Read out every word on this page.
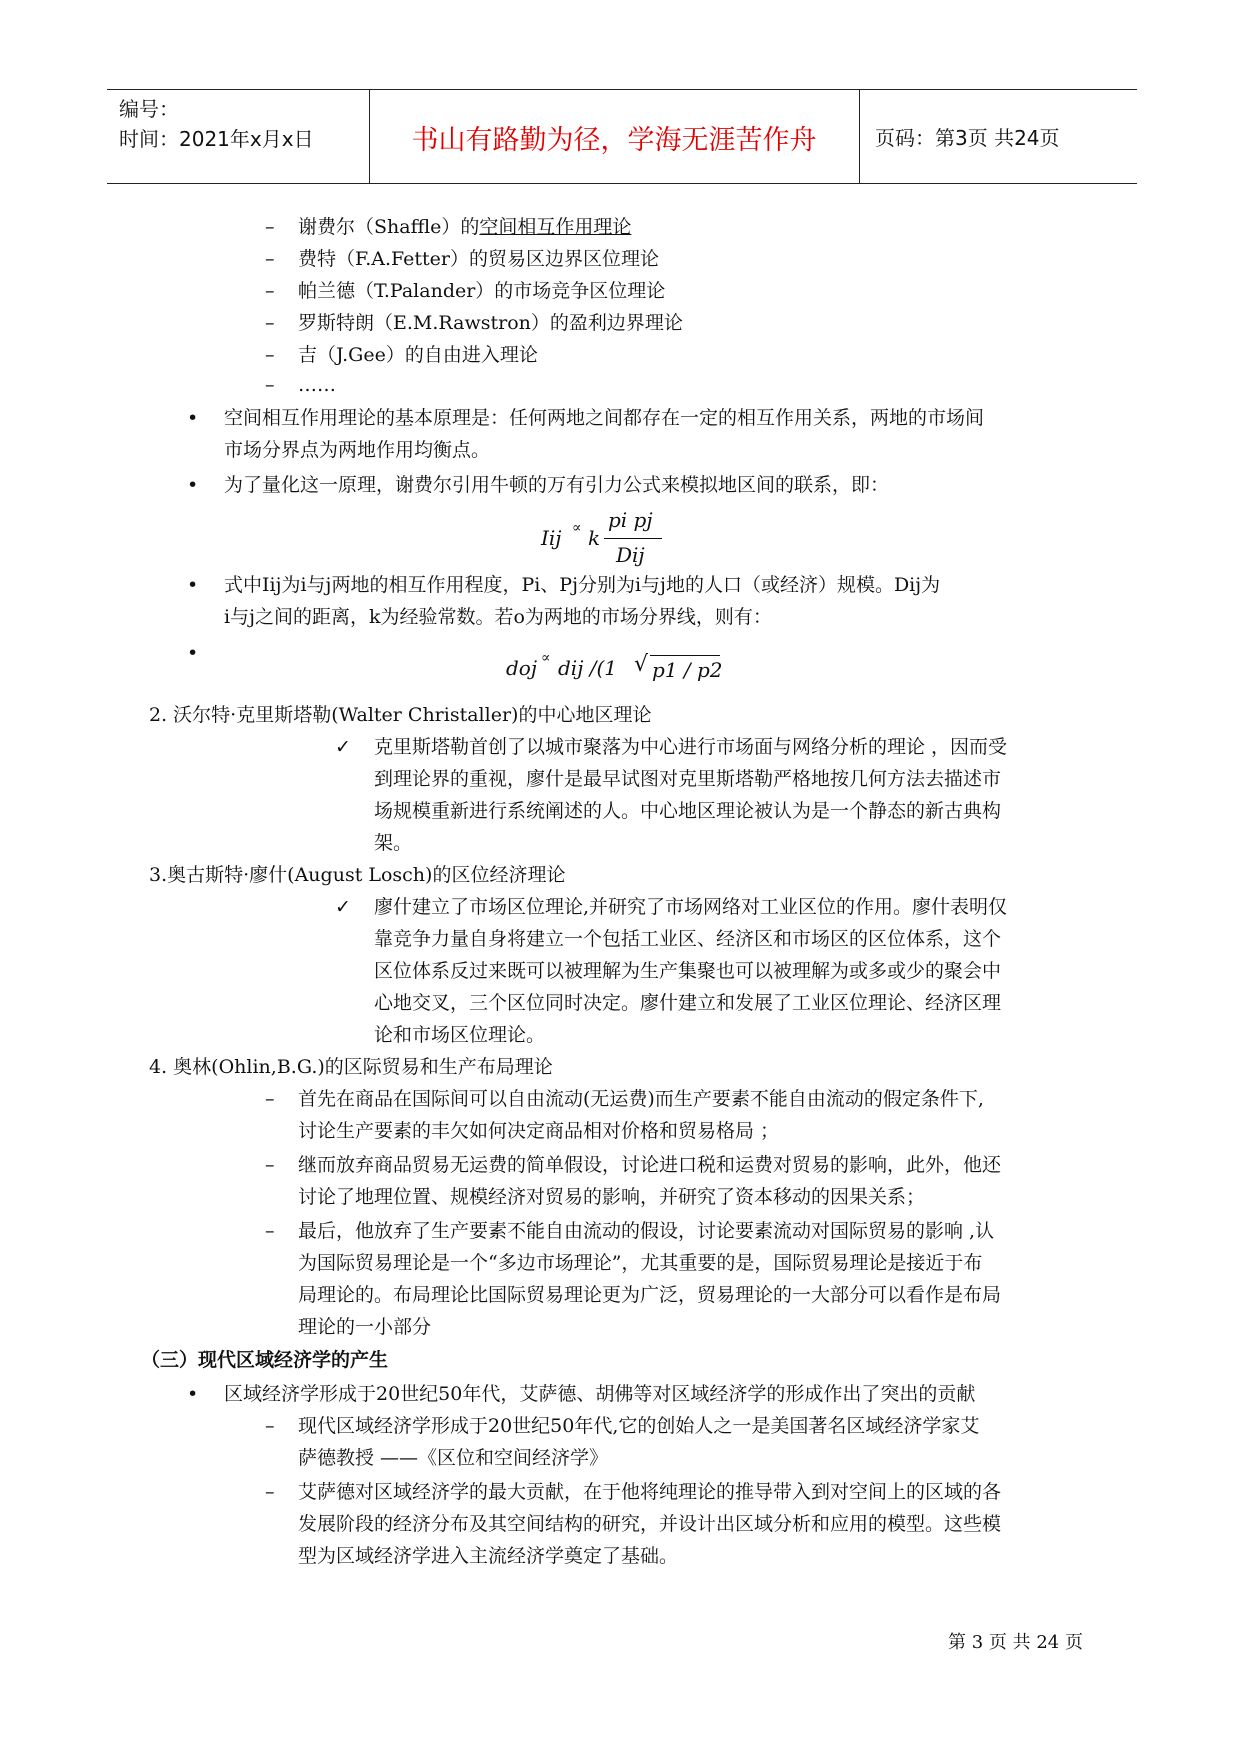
编号：
时间：2021年x月x日	书山有路勤为径，学海无涯苦作舟	页码：第3页 共24页
– 谢费尔（Shaffle）的空间相互作用理论
– 费特（F.A.Fetter）的贸易区边界区位理论
– 帕兰德（T.Palander）的市场竞争区位理论
– 罗斯特朗（E.M.Rawstron）的盈利边界理论
– 吉（J.Gee）的自由进入理论
– ……
• 空间相互作用理论的基本原理是：任何两地之间都存在一定的相互作用关系，两地的市场间
市场分界点为两地作用均衡点。
• 为了量化这一原理，谢费尔引用牛顿的万有引力公式来模拟地区间的联系，即：
Iij ∝ k
pi pj
Dij
• 式中Iij为i与j两地的相互作用程度，Pi、Pj分别为i与j地的人口（或经济）规模。Dij为
i与j之间的距离，k为经验常数。若o为两地的市场分界线，则有：
•
doj ∝ dij /(1 √ p1 / p2
2. 沃尔特·克里斯塔勒(Walter Christaller)的中心地区理论
✓ 克里斯塔勒首创了以城市聚落为中心进行市场面与网络分析的理论 ，因而受
到理论界的重视，廖什是最早试图对克里斯塔勒严格地按几何方法去描述市
场规模重新进行系统阐述的人。中心地区理论被认为是一个静态的新古典构
架。
3.奥古斯特·廖什(August Losch)的区位经济理论
✓ 廖什建立了市场区位理论,并研究了市场网络对工业区位的作用。廖什表明仅
靠竞争力量自身将建立一个包括工业区、经济区和市场区的区位体系，这个
区位体系反过来既可以被理解为生产集聚也可以被理解为或多或少的聚会中
心地交叉，三个区位同时决定。廖什建立和发展了工业区位理论、经济区理
论和市场区位理论。
4. 奥林(Ohlin,B.G.)的区际贸易和生产布局理论
– 首先在商品在国际间可以自由流动(无运费)而生产要素不能自由流动的假定条件下,
讨论生产要素的丰欠如何决定商品相对价格和贸易格局 ；
– 继而放弃商品贸易无运费的简单假设，讨论进口税和运费对贸易的影响，此外，他还
讨论了地理位置、规模经济对贸易的影响，并研究了资本移动的因果关系；
– 最后，他放弃了生产要素不能自由流动的假设，讨论要素流动对国际贸易的影响 ,认
为国际贸易理论是一个“多边市场理论”，尤其重要的是，国际贸易理论是接近于布
局理论的。布局理论比国际贸易理论更为广泛，贸易理论的一大部分可以看作是布局
理论的一小部分
（三）现代区域经济学的产生
• 区域经济学形成于20世纪50年代，艾萨德、胡佛等对区域经济学的形成作出了突出的贡献
– 现代区域经济学形成于20世纪50年代,它的创始人之一是美国著名区域经济学家艾
萨德教授 ——《区位和空间经济学》
– 艾萨德对区域经济学的最大贡献，在于他将纯理论的推导带入到对空间上的区域的各
发展阶段的经济分布及其空间结构的研究，并设计出区域分析和应用的模型。这些模
型为区域经济学进入主流经济学奠定了基础。
第 3 页 共 24 页
